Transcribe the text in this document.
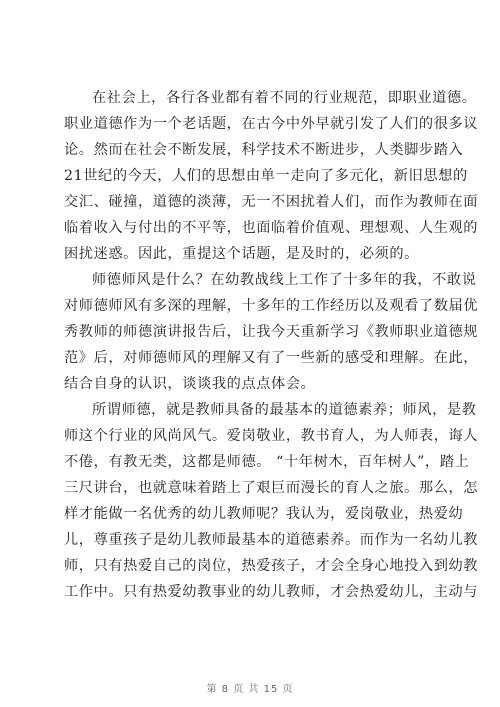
在社会上，各行各业都有着不同的行业规范，即职业道德。
职业道德作为一个老话题，在古今中外早就引发了人们的很多议
论。然而在社会不断发展，科学技术不断进步，人类脚步踏入
21世纪的今天，人们的思想由单一走向了多元化，新旧思想的
交汇、碰撞，道德的淡薄，无一不困扰着人们，而作为教师在面
临着收入与付出的不平等，也面临着价值观、理想观、人生观的
困扰迷惑。因此，重提这个话题，是及时的，必须的。
师德师风是什么？在幼教战线上工作了十多年的我，不敢说
对师德师风有多深的理解，十多年的工作经历以及观看了数届优
秀教师的师德演讲报告后，让我今天重新学习《教师职业道德规
范》后，对师德师风的理解又有了一些新的感受和理解。在此，
结合自身的认识，谈谈我的点点体会。
所谓师德，就是教师具备的最基本的道德素养；师风，是教
师这个行业的风尚风气。爱岗敬业，教书育人，为人师表，诲人
不倦，有教无类，这都是师德。 “十年树木，百年树人”，踏上
三尺讲台，也就意味着踏上了艰巨而漫长的育人之旅。那么，怎
样才能做一名优秀的幼儿教师呢？我认为，爱岗敬业，热爱幼
儿，尊重孩子是幼儿教师最基本的道德素养。而作为一名幼儿教
师，只有热爱自己的岗位，热爱孩子，才会全身心地投入到幼教
工作中。只有热爱幼教事业的幼儿教师，才会热爱幼儿，主动与
第 8 页 共 15 页
